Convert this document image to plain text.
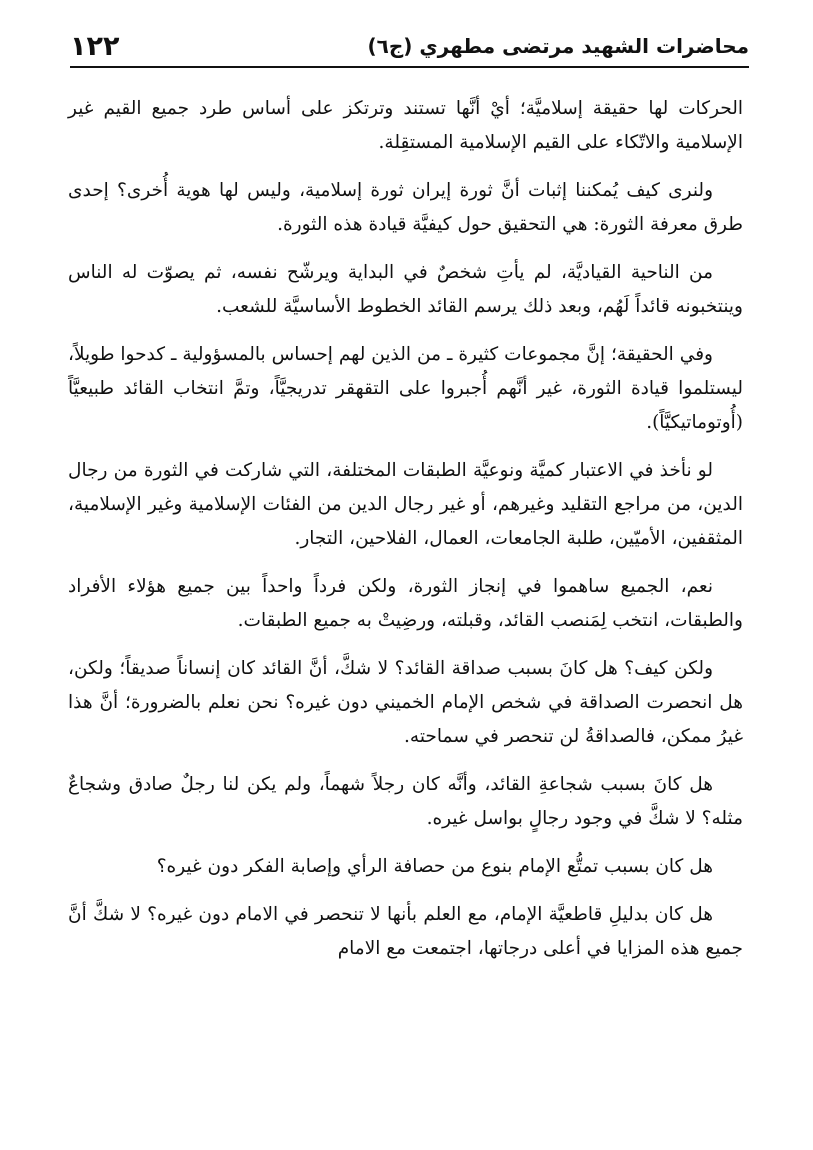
محاضرات الشهيد مرتضى مطهري (ج٦)
١٢٢

الحركات لها حقيقة إسلاميَّة؛ أيْ أنَّها تستند وترتكز على أساس طرد جميع القيم غير الإسلامية والاتّكاء على القيم الإسلامية المستقِلة.

ولنرى كيف يُمكننا إثبات أنَّ ثورة إيران ثورة إسلامية، وليس لها هوية أُخرى؟ إحدى طرق معرفة الثورة: هي التحقيق حول كيفيَّة قيادة هذه الثورة.

من الناحية القياديَّة، لم يأتِ شخصٌ في البداية ويرشّح نفسه، ثم يصوّت له الناس وينتخبونه قائداً لَهُم، وبعد ذلك يرسم القائد الخطوط الأساسيَّة للشعب.

وفي الحقيقة؛ إنَّ مجموعات كثيرة ـ من الذين لهم إحساس بالمسؤولية ـ كدحوا طويلاً، ليستلموا قيادة الثورة، غير أنَّهم أُجبروا على التقهقر تدريجيَّاً، وتمَّ انتخاب القائد طبيعيَّاً (أُوتوماتيكيَّاً).

لو نأخذ في الاعتبار كميَّة ونوعيَّة الطبقات المختلفة، التي شاركت في الثورة من رجال الدين، من مراجع التقليد وغيرهم، أو غير رجال الدين من الفئات الإسلامية وغير الإسلامية، المثقفين، الأميّين، طلبة الجامعات، العمال، الفلاحين، التجار.

نعم، الجميع ساهموا في إنجاز الثورة، ولكن فرداً واحداً بين جميع هؤلاء الأفراد والطبقات، انتخب لِمَنصب القائد، وقبلته، ورضِيتْ به جميع الطبقات.

ولكن كيف؟ هل كانَ بسبب صداقة القائد؟ لا شكَّ، أنَّ القائد كان إنساناً صديقاً؛ ولكن، هل انحصرت الصداقة في شخص الإمام الخميني دون غيره؟ نحن نعلم بالضرورة؛ أنَّ هذا غيرُ ممكن، فالصداقةُ لن تنحصر في سماحته.

هل كانَ بسبب شجاعةِ القائد، وأنَّه كان رجلاً شهماً، ولم يكن لنا رجلٌ صادق وشجاعٌ مثله؟ لا شكَّ في وجود رجالٍ بواسل غيره.

هل كان بسبب تمتُّع الإمام بنوع من حصافة الرأي وإصابة الفكر دون غيره؟

هل كان بدليلِ قاطعيَّة الإمام، مع العلم بأنها لا تنحصر في الامام دون غيره؟ لا شكَّ أنَّ جميع هذه المزايا في أعلى درجاتها، اجتمعت مع الامام
